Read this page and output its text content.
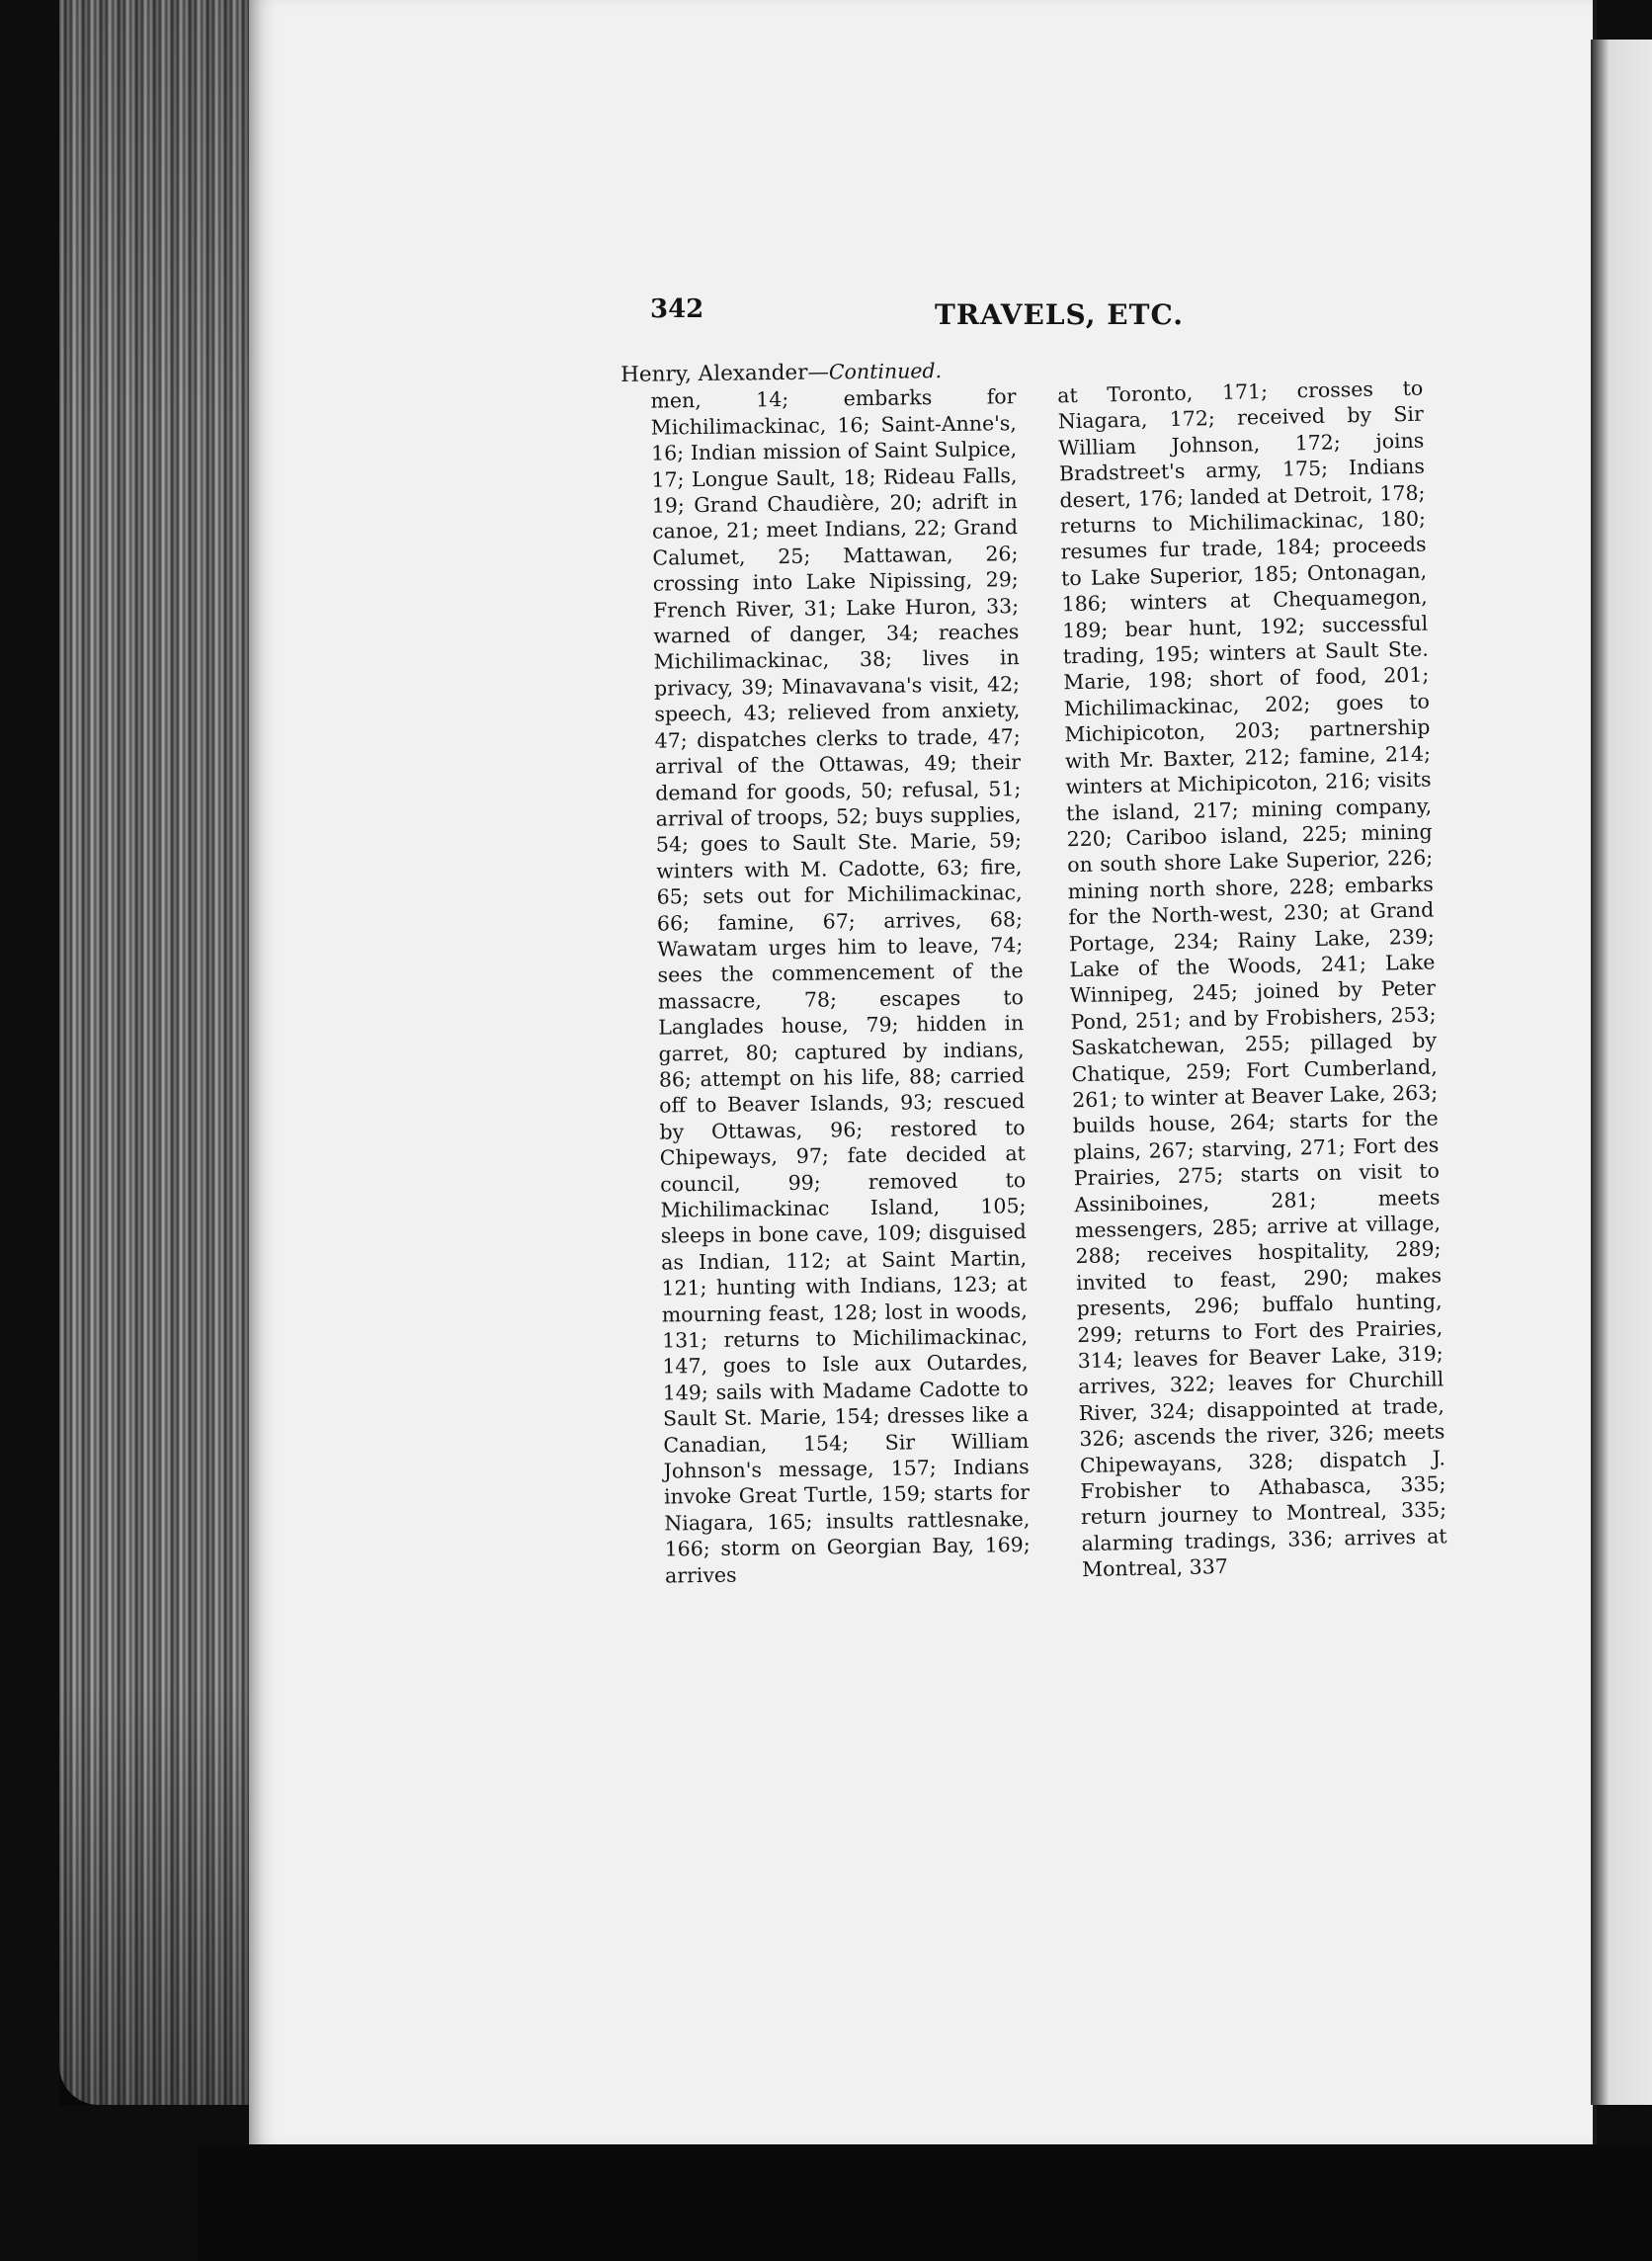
342	TRAVELS, ETC.
Henry, Alexander—Continued.
men, 14; embarks for Michilimackinac, 16; Saint-Anne's, 16; Indian mission of Saint Sulpice, 17; Longue Sault, 18; Rideau Falls, 19; Grand Chaudière, 20; adrift in canoe, 21; meet Indians, 22; Grand Calumet, 25; Mattawan, 26; crossing into Lake Nipissing, 29; French River, 31; Lake Huron, 33; warned of danger, 34; reaches Michilimackinac, 38; lives in privacy, 39; Minavavana's visit, 42; speech, 43; relieved from anxiety, 47; dispatches clerks to trade, 47; arrival of the Ottawas, 49; their demand for goods, 50; refusal, 51; arrival of troops, 52; buys supplies, 54; goes to Sault Ste. Marie, 59; winters with M. Cadotte, 63; fire, 65; sets out for Michilimackinac, 66; famine, 67; arrives, 68; Wawatam urges him to leave, 74; sees the commencement of the massacre, 78; escapes to Langlades house, 79; hidden in garret, 80; captured by indians, 86; attempt on his life, 88; carried off to Beaver Islands, 93; rescued by Ottawas, 96; restored to Chipeways, 97; fate decided at council, 99; removed to Michilimackinac Island, 105; sleeps in bone cave, 109; disguised as Indian, 112; at Saint Martin, 121; hunting with Indians, 123; at mourning feast, 128; lost in woods, 131; returns to Michilimackinac, 147, goes to Isle aux Outardes, 149; sails with Madame Cadotte to Sault St. Marie, 154; dresses like a Canadian, 154; Sir William Johnson's message, 157; Indians invoke Great Turtle, 159; starts for Niagara, 165; insults rattlesnake, 166; storm on Georgian Bay, 169; arrives
at Toronto, 171; crosses to Niagara, 172; received by Sir William Johnson, 172; joins Bradstreet's army, 175; Indians desert, 176; landed at Detroit, 178; returns to Michilimackinac, 180; resumes fur trade, 184; proceeds to Lake Superior, 185; Ontonagan, 186; winters at Chequamegon, 189; bear hunt, 192; successful trading, 195; winters at Sault Ste. Marie, 198; short of food, 201; Michilimackinac, 202; goes to Michipicoton, 203; partnership with Mr. Baxter, 212; famine, 214; winters at Michipicoton, 216; visits the island, 217; mining company, 220; Cariboo island, 225; mining on south shore Lake Superior, 226; mining north shore, 228; embarks for the North-west, 230; at Grand Portage, 234; Rainy Lake, 239; Lake of the Woods, 241; Lake Winnipeg, 245; joined by Peter Pond, 251; and by Frobishers, 253; Saskatchewan, 255; pillaged by Chatique, 259; Fort Cumberland, 261; to winter at Beaver Lake, 263; builds house, 264; starts for the plains, 267; starving, 271; Fort des Prairies, 275; starts on visit to Assiniboines, 281; meets messengers, 285; arrive at village, 288; receives hospitality, 289; invited to feast, 290; makes presents, 296; buffalo hunting, 299; returns to Fort des Prairies, 314; leaves for Beaver Lake, 319; arrives, 322; leaves for Churchill River, 324; disappointed at trade, 326; ascends the river, 326; meets Chipewayans, 328; dispatch J. Frobisher to Athabasca, 335; return journey to Montreal, 335; alarming tradings, 336; arrives at Montreal, 337
